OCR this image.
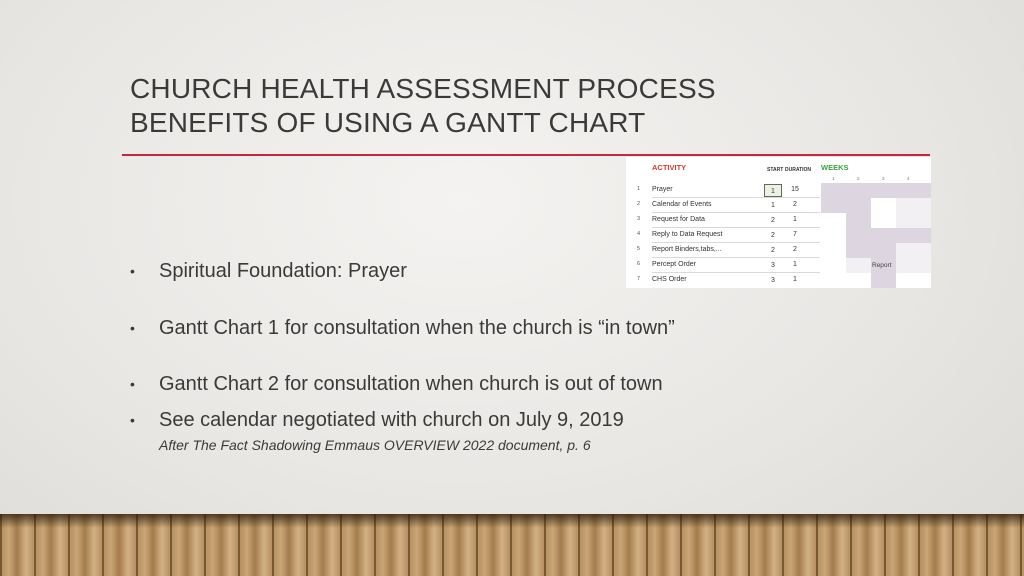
CHURCH HEALTH ASSESSMENT PROCESS
BENEFITS OF USING A GANTT CHART
ACTIVITY	START DURATION WEEKS
1	2	3	4
Report
1 Prayer	1	15
2 Calendar of Events	1	2
3 Request for Data	2	1
4 Reply to Data Request	2	7
5 Report Binders,tabs,...	2	2
6 Percept Order	3	1
7 CHS Order	3	1
• Spiritual Foundation: Prayer
• Gantt Chart 1 for consultation when the church is “in town”
• Gantt Chart 2 for consultation when church is out of town
• See calendar negotiated with church on July 9, 2019
After The Fact Shadowing Emmaus OVERVIEW 2022 document, p. 6
